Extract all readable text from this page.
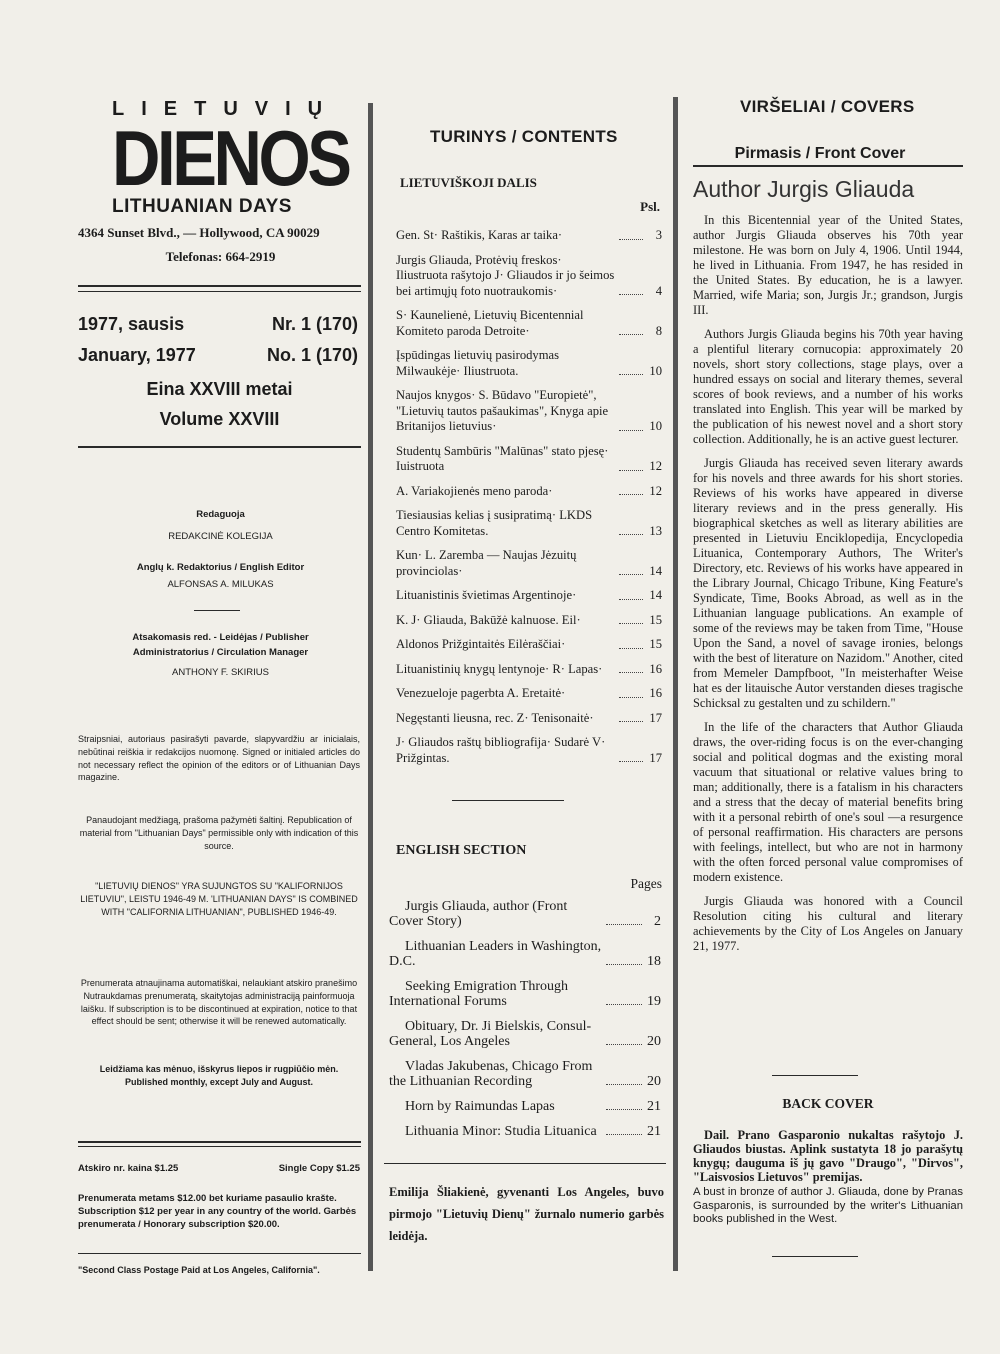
LIETUVIŲ
DIENOS
LITHUANIAN DAYS
4364 Sunset Blvd., — Hollywood, CA 90029
Telefonas: 664-2919
1977, sausis	Nr. 1 (170)
January, 1977	No. 1 (170)
Eina XXVIII metai
Volume XXVIII
Redaguoja
REDAKCINĖ KOLEGIJA
Anglų k. Redaktorius / English Editor
ALFONSAS A. MILUKAS
Atsakomasis red. - Leidėjas / Publisher
Administratorius / Circulation Manager
ANTHONY F. SKIRIUS
Straipsniai, autoriaus pasirašyti pavarde, slapyvardžiu ar inicialais, nebūtinai reiškia ir redakcijos nuomonę. Signed or initialed articles do not necessary reflect the opinion of the editors or of Lithuanian Days magazine.
Panaudojant medžiagą, prašoma pažymėti šaltinį. Republication of material from "Lithuanian Days" permissible only with indication of this source.
"LIETUVIŲ DIENOS" YRA SUJUNGTOS SU "KALIFORNIJOS LIETUVIU", LEISTU 1946-49 M. 'LITHUANIAN DAYS" IS COMBINED WITH "CALIFORNIA LITHUANIAN", PUBLISHED 1946-49.
Prenumerata atnaujinama automatiškai, nelaukiant atskiro pranešimo Nutraukdamas prenumeratą, skaitytojas administraciją painformuoja laišku. If subscription is to be discontinued at expiration, notice to that effect should be sent; otherwise it will be renewed automatically.
Leidžiama kas mėnuo, išskyrus liepos ir rugpiūčio mėn. Published monthly, except July and August.
Atskiro nr. kaina $1.25	Single Copy $1.25
Prenumerata metams $12.00 bet kuriame pasaulio krašte. Subscription $12 per year in any country of the world. Garbės prenumerata / Honorary subscription $20.00.
"Second Class Postage Paid at Los Angeles, California".
TURINYS / CONTENTS
LIETUVIŠKOJI DALIS
Psl.
Gen. St· Raštikis, Karas ar taika·	3
Jurgis Gliauda, Protėvių freskos· Iliustruota rašytojo J· Gliaudos ir jo šeimos bei artimųjų foto nuotraukomis·	4
S· Kaunelienė, Lietuvių Bicentennial Komiteto paroda Detroite·	8
Įspūdingas lietuvių pasirodymas Milwaukėje· Iliustruota.	10
Naujos knygos· S. Būdavo "Europietė", "Lietuvių tautos pašaukimas", Knyga apie Britanijos lietuvius·	10
Studentų Sambūris "Malūnas" stato pjesę· Iuistruota	12
A. Variakojienės meno paroda·	12
Tiesiausias kelias į susipratimą· LKDS Centro Komitetas.	13
Kun· L. Zaremba — Naujas Jėzuitų provinciolas·	14
Lituanistinis švietimas Argentinoje·	14
K. J· Gliauda, Bakūžė kalnuose. Eil·	15
Aldonos Prižgintaitės Eilėraščiai·	15
Lituanistinių knygų lentynoje· R· Lapas·	16
Venezueloje pagerbta A. Eretaitė·	16
Negęstanti lieusna, rec. Z· Tenisonaitė·	17
J· Gliaudos raštų bibliografija· Sudarė V· Prižgintas.	17
ENGLISH SECTION
Pages
Jurgis Gliauda, author (Front Cover Story)	2
Lithuanian Leaders in Washington, D.C.	18
Seeking Emigration Through International Forums	19
Obituary, Dr. Ji Bielskis, Consul-General, Los Angeles	20
Vladas Jakubenas, Chicago From the Lithuanian Recording	20
Horn by Raimundas Lapas	21
Lithuania Minor: Studia Lituanica	21
Emilija Šliakienė, gyvenanti Los Angeles, buvo pirmojo "Lietuvių Dienų" žurnalo numerio garbės leidėja.
VIRŠELIAI / COVERS
Pirmasis / Front Cover
Author Jurgis Gliauda

In this Bicentennial year of the United States, author Jurgis Gliauda observes his 70th year milestone. He was born on July 4, 1906. Until 1944, he lived in Lithuania. From 1947, he has resided in the United States. By education, he is a lawyer. Married, wife Maria; son, Jurgis Jr.; grandson, Jurgis III.

Authors Jurgis Gliauda begins his 70th year having a plentiful literary cornucopia: approximately 20 novels, short story collections, stage plays, over a hundred essays on social and literary themes, several scores of book reviews, and a number of his works translated into English. This year will be marked by the publication of his newest novel and a short story collection. Additionally, he is an active guest lecturer.

Jurgis Gliauda has received seven literary awards for his novels and three awards for his short stories. Reviews of his works have appeared in diverse literary reviews and in the press generally. His biographical sketches as well as literary abilities are presented in Lietuviu Enciklopedija, Encyclopedia Lituanica, Contemporary Authors, The Writer's Directory, etc. Reviews of his works have appeared in the Library Journal, Chicago Tribune, King Feature's Syndicate, Time, Books Abroad, as well as in the Lithuanian language publications. An example of some of the reviews may be taken from Time, "House Upon the Sand, a novel of savage ironies, belongs with the best of literature on Nazidom." Another, cited from Memeler Dampfboot, "In meisterhafter Weise hat es der litauische Autor verstanden dieses tragische Schicksal zu gestalten und zu schildern."

In the life of the characters that Author Gliauda draws, the over-riding focus is on the ever-changing social and political dogmas and the existing moral vacuum that situational or relative values bring to man; additionally, there is a fatalism in his characters and a stress that the decay of material benefits bring with it a personal rebirth of one's soul —a resurgence of personal reaffirmation. His characters are persons with feelings, intellect, but who are not in harmony with the often forced personal value compromises of modern existence.

Jurgis Gliauda was honored with a Council Resolution citing his cultural and literary achievements by the City of Los Angeles on January 21, 1977.

BACK COVER
Dail. Prano Gasparonio nukaltas rašytojo J. Gliaudos biustas. Aplink sustatyta 18 jo parašytų knygų; dauguma iš jų gavo "Draugo", "Dirvos", "Laisvosios Lietuvos" premijas.
A bust in bronze of author J. Gliauda, done by Pranas Gasparonis, is surrounded by the writer's Lithuanian books published in the West.
